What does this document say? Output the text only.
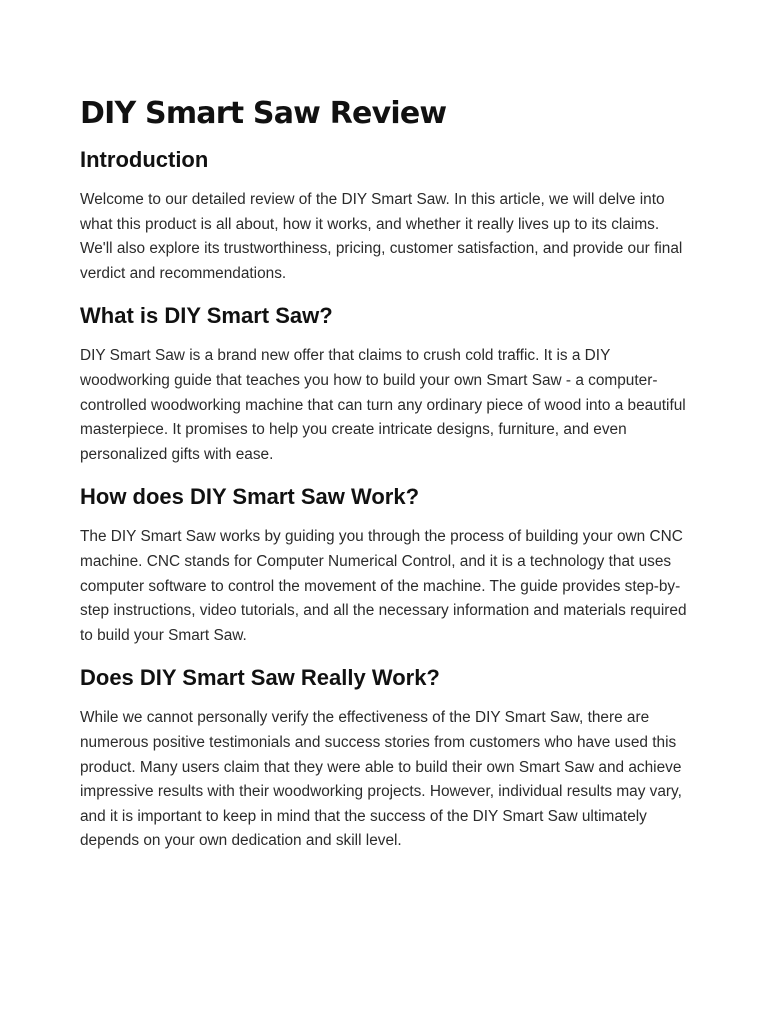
DIY Smart Saw Review
Introduction

Welcome to our detailed review of the DIY Smart Saw. In this article, we will delve into what this product is all about, how it works, and whether it really lives up to its claims. We'll also explore its trustworthiness, pricing, customer satisfaction, and provide our final verdict and recommendations.

What is DIY Smart Saw?

DIY Smart Saw is a brand new offer that claims to crush cold traffic. It is a DIY woodworking guide that teaches you how to build your own Smart Saw - a computer-controlled woodworking machine that can turn any ordinary piece of wood into a beautiful masterpiece. It promises to help you create intricate designs, furniture, and even personalized gifts with ease.

How does DIY Smart Saw Work?

The DIY Smart Saw works by guiding you through the process of building your own CNC machine. CNC stands for Computer Numerical Control, and it is a technology that uses computer software to control the movement of the machine. The guide provides step-by-step instructions, video tutorials, and all the necessary information and materials required to build your Smart Saw.

Does DIY Smart Saw Really Work?

While we cannot personally verify the effectiveness of the DIY Smart Saw, there are numerous positive testimonials and success stories from customers who have used this product. Many users claim that they were able to build their own Smart Saw and achieve impressive results with their woodworking projects. However, individual results may vary, and it is important to keep in mind that the success of the DIY Smart Saw ultimately depends on your own dedication and skill level.
